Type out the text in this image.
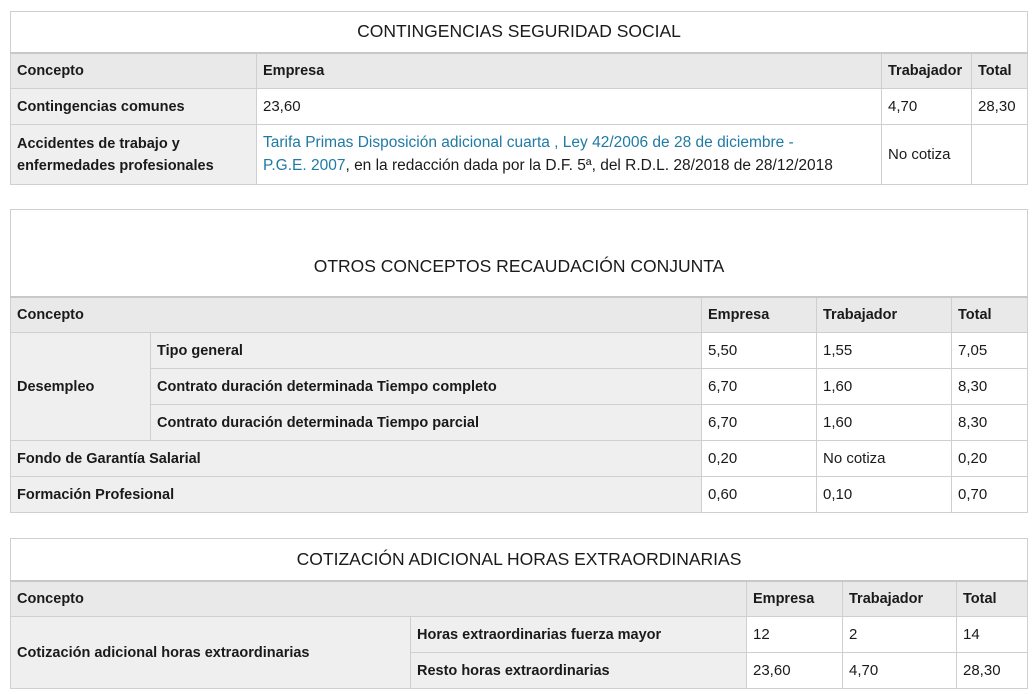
CONTINGENCIAS SEGURIDAD SOCIAL			
Concepto	Empresa	Trabajador	Total
Contingencias comunes	23,60	4,70	28,30
Accidentes de trabajo y
enfermedades profesionales	Tarifa Primas Disposición adicional cuarta , Ley 42/2006 de 28 de diciembre -
P.G.E. 2007, en la redacción dada por la D.F. 5ª, del R.D.L. 28/2018 de 28/12/2018	No cotiza	
OTROS CONCEPTOS RECAUDACIÓN CONJUNTA				
Concepto		Empresa	Trabajador	Total
Desempleo	Tipo general	5,50	1,55	7,05
	Contrato duración determinada Tiempo completo	6,70	1,60	8,30
	Contrato duración determinada Tiempo parcial	6,70	1,60	8,30
Fondo de Garantía Salarial		0,20	No cotiza	0,20
Formación Profesional		0,60	0,10	0,70
COTIZACIÓN ADICIONAL HORAS EXTRAORDINARIAS				
Concepto		Empresa	Trabajador	Total
Cotización adicional horas extraordinarias	Horas extraordinarias fuerza mayor	12	2	14
	Resto horas extraordinarias	23,60	4,70	28,30
